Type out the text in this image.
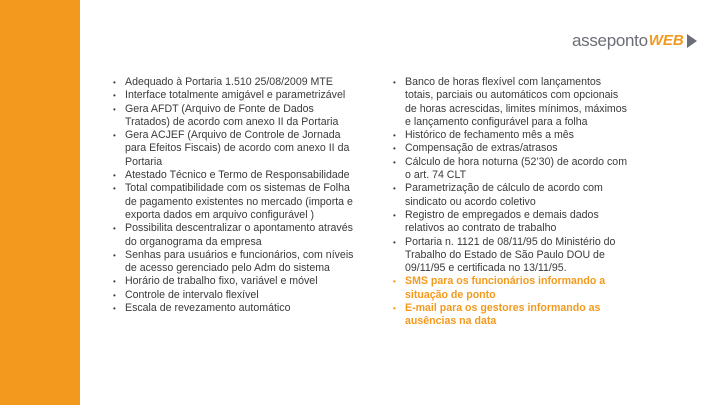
asseponto WEB
• Adequado à Portaria 1.510 25/08/2009 MTE
• Interface totalmente amigável e parametrizável
• Gera AFDT (Arquivo de Fonte de Dados Tratados) de acordo com anexo II da Portaria
• Gera ACJEF (Arquivo de Controle de Jornada para Efeitos Fiscais) de acordo com anexo II da Portaria
• Atestado Técnico e Termo de Responsabilidade
• Total compatibilidade com os sistemas de Folha de pagamento existentes no mercado (importa e exporta dados em arquivo configurável )
• Possibilita descentralizar o apontamento através do organograma da empresa
• Senhas para usuários e funcionários, com níveis de acesso gerenciado pelo Adm do sistema
• Horário de trabalho fixo, variável e móvel
• Controle de intervalo flexível
• Escala de revezamento automático
• Banco de horas flexível com lançamentos totais, parciais ou automáticos com opcionais de horas acrescidas, limites mínimos, máximos e lançamento configurável para a folha
• Histórico de fechamento mês a mês
• Compensação de extras/atrasos
• Cálculo de hora noturna (52’30) de acordo com o art. 74 CLT
• Parametrização de cálculo de acordo com sindicato ou acordo coletivo
• Registro de empregados e demais dados relativos ao contrato de trabalho
• Portaria n. 1121 de 08/11/95 do Ministério do Trabalho do Estado de São Paulo DOU de 09/11/95 e certificada no 13/11/95.
• SMS para os funcionários informando a situação de ponto
• E-mail para os gestores informando as ausências na data
